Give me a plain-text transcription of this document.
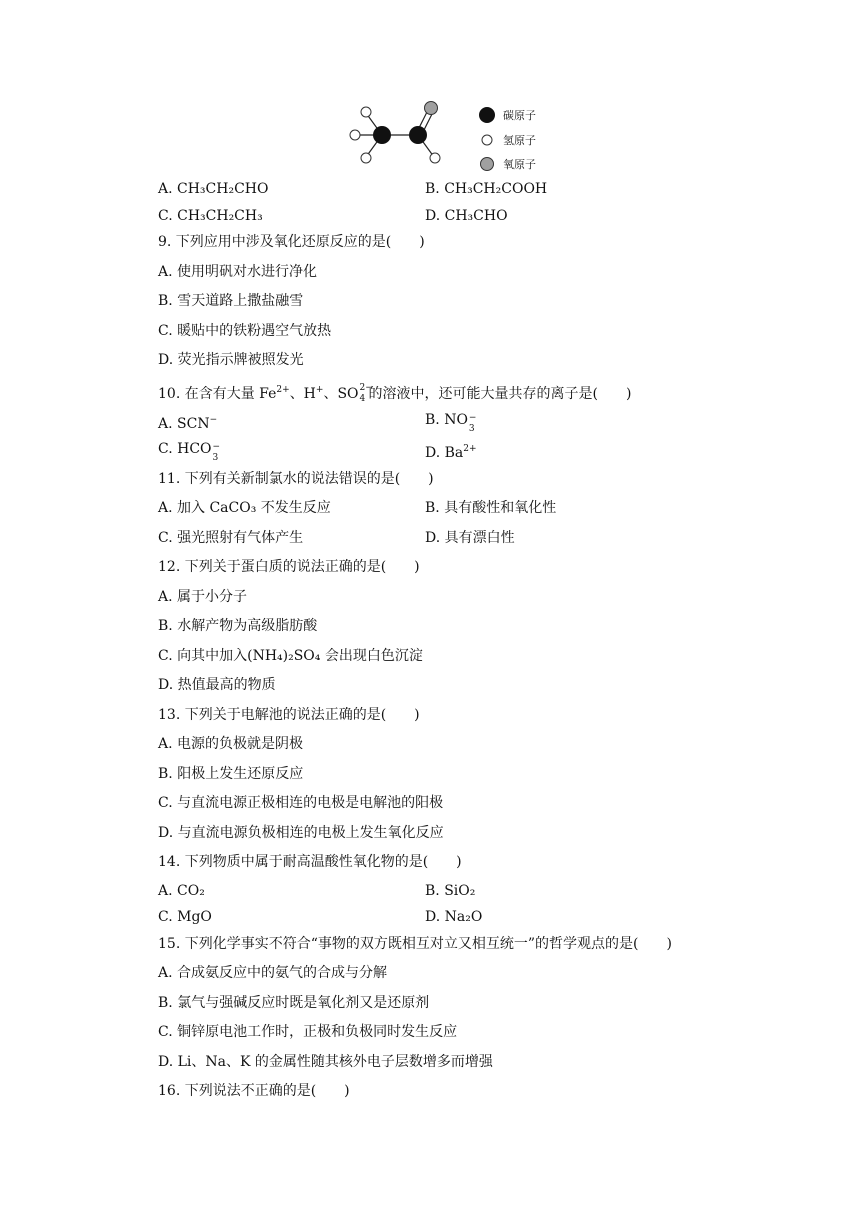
碳原子
氢原子
氧原子
A. CH₃CH₂CHO	B. CH₃CH₂COOH
C. CH₃CH₂CH₃	D. CH₃CHO
9. 下列应用中涉及氧化还原反应的是(　　)
A. 使用明矾对水进行净化
B. 雪天道路上撒盐融雪
C. 暖贴中的铁粉遇空气放热
D. 荧光指示牌被照发光
10. 在含有大量 $Fe^{2+}$、H+、SO 2−
4 的溶液中，还可能大量共存的离子是(　　)
A. SCN−	B. NO −
3
C. HCO −
3	D. $Ba^{2+}$
11. 下列有关新制氯水的说法错误的是(　　)
A. 加入 CaCO₃ 不发生反应	B. 具有酸性和氧化性
C. 强光照射有气体产生	D. 具有漂白性
12. 下列关于蛋白质的说法正确的是(　　)
A. 属于小分子
B. 水解产物为高级脂肪酸
C. 向其中加入(NH₄)₂SO₄ 会出现白色沉淀
D. 热值最高的物质
13. 下列关于电解池的说法正确的是(　　)
A. 电源的负极就是阴极
B. 阳极上发生还原反应
C. 与直流电源正极相连的电极是电解池的阳极
D. 与直流电源负极相连的电极上发生氧化反应
14. 下列物质中属于耐高温酸性氧化物的是(　　)
A. CO₂	B. SiO₂
C. MgO	D. Na₂O
15. 下列化学事实不符合“事物的双方既相互对立又相互统一”的哲学观点的是(　　)
A. 合成氨反应中的氨气的合成与分解
B. 氯气与强碱反应时既是氧化剂又是还原剂
C. 铜锌原电池工作时，正极和负极同时发生反应
D. Li、Na、K 的金属性随其核外电子层数增多而增强
16. 下列说法不正确的是(　　)
